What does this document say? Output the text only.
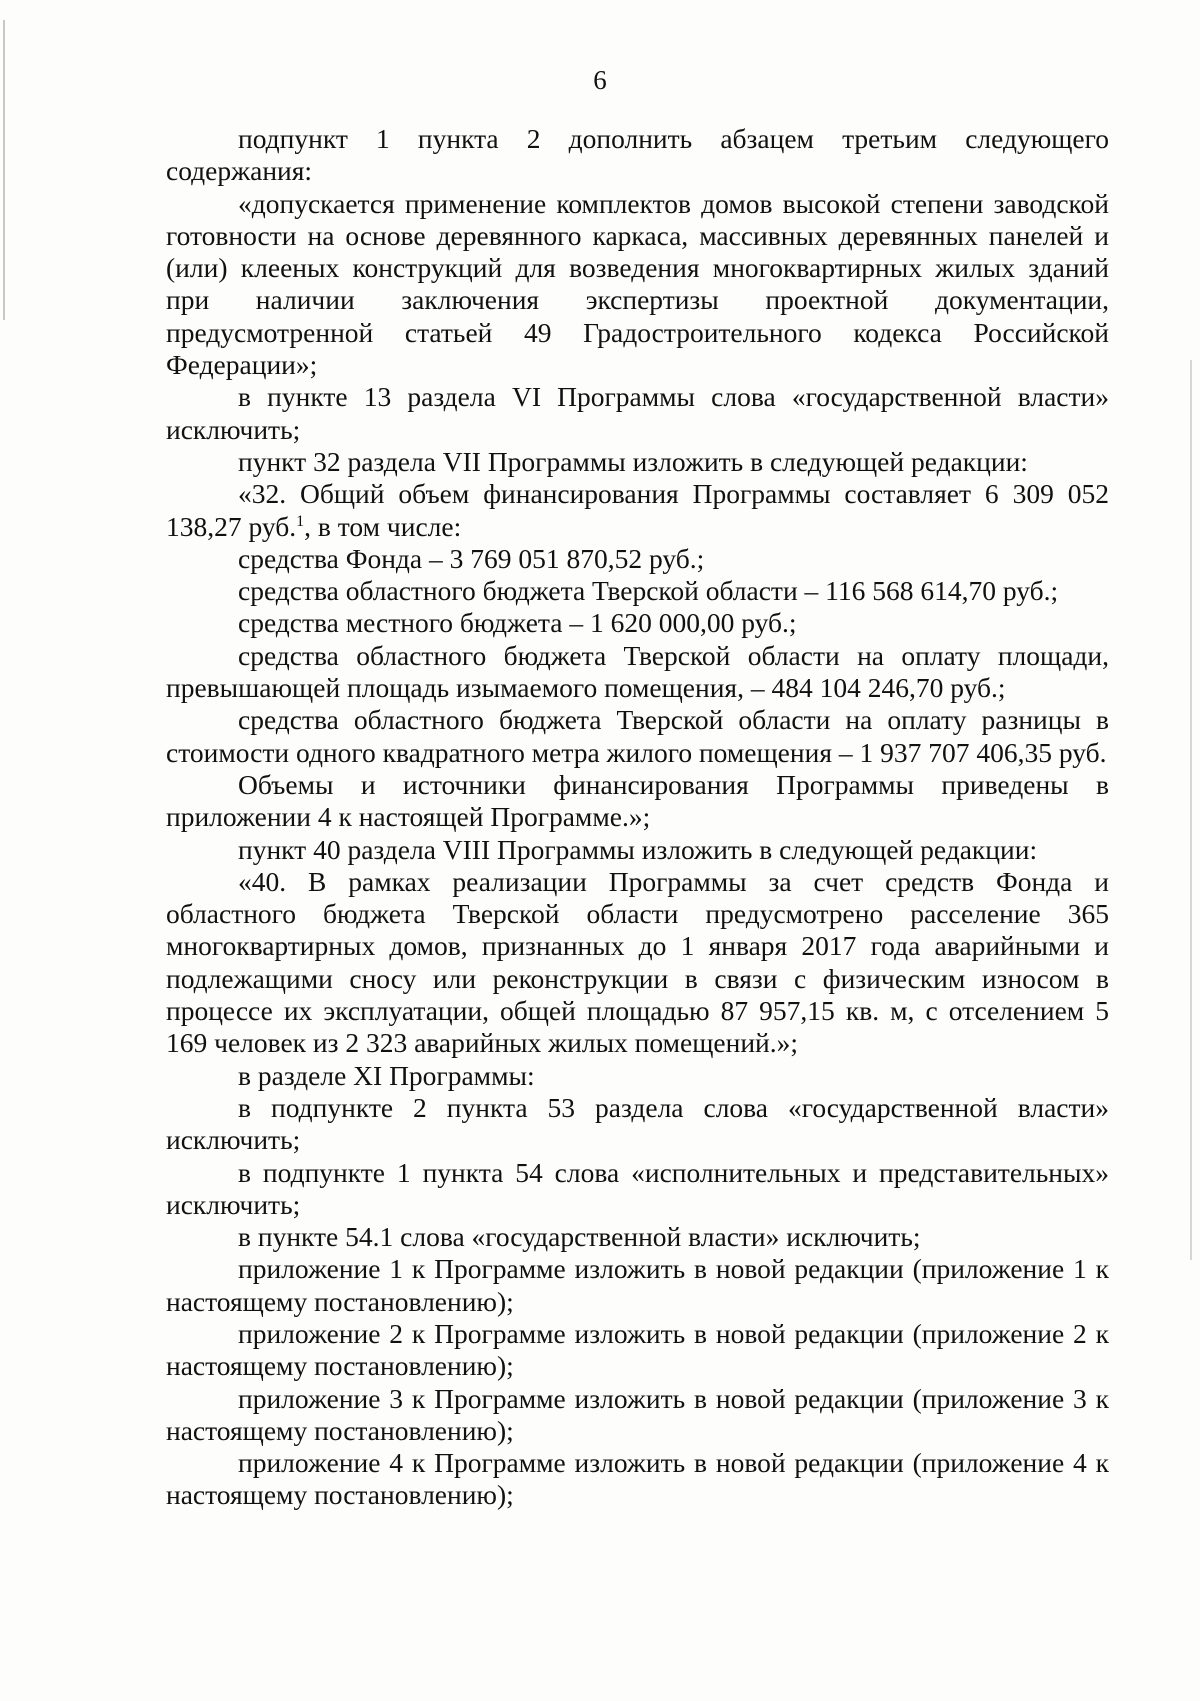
6

подпункт 1 пункта 2 дополнить абзацем третьим следующего содержания:

«допускается применение комплектов домов высокой степени заводской готовности на основе деревянного каркаса, массивных деревянных панелей и (или) клееных конструкций для возведения многоквартирных жилых зданий при наличии заключения экспертизы проектной документации, предусмотренной статьей 49 Градостроительного кодекса Российской Федерации»;

в пункте 13 раздела VI Программы слова «государственной власти» исключить;

пункт 32 раздела VII Программы изложить в следующей редакции:

«32. Общий объем финансирования Программы составляет 6 309 052 138,27 руб.$^1$, в том числе:

средства Фонда – 3 769 051 870,52 руб.;

средства областного бюджета Тверской области – 116 568 614,70 руб.;

средства местного бюджета – 1 620 000,00 руб.;

средства областного бюджета Тверской области на оплату площади, превышающей площадь изымаемого помещения, – 484 104 246,70 руб.;

средства областного бюджета Тверской области на оплату разницы в стоимости одного квадратного метра жилого помещения – 1 937 707 406,35 руб.

Объемы и источники финансирования Программы приведены в приложении 4 к настоящей Программе.»;

пункт 40 раздела VIII Программы изложить в следующей редакции:

«40. В рамках реализации Программы за счет средств Фонда и областного бюджета Тверской области предусмотрено расселение 365 многоквартирных домов, признанных до 1 января 2017 года аварийными и подлежащими сносу или реконструкции в связи с физическим износом в процессе их эксплуатации, общей площадью 87 957,15 кв. м, с отселением 5 169 человек из 2 323 аварийных жилых помещений.»;

в разделе XI Программы:

в подпункте 2 пункта 53 раздела слова «государственной власти» исключить;

в подпункте 1 пункта 54 слова «исполнительных и представительных» исключить;

в пункте 54.1 слова «государственной власти» исключить;

приложение 1 к Программе изложить в новой редакции (приложение 1 к настоящему постановлению);

приложение 2 к Программе изложить в новой редакции (приложение 2 к настоящему постановлению);

приложение 3 к Программе изложить в новой редакции (приложение 3 к настоящему постановлению);

приложение 4 к Программе изложить в новой редакции (приложение 4 к настоящему постановлению);
